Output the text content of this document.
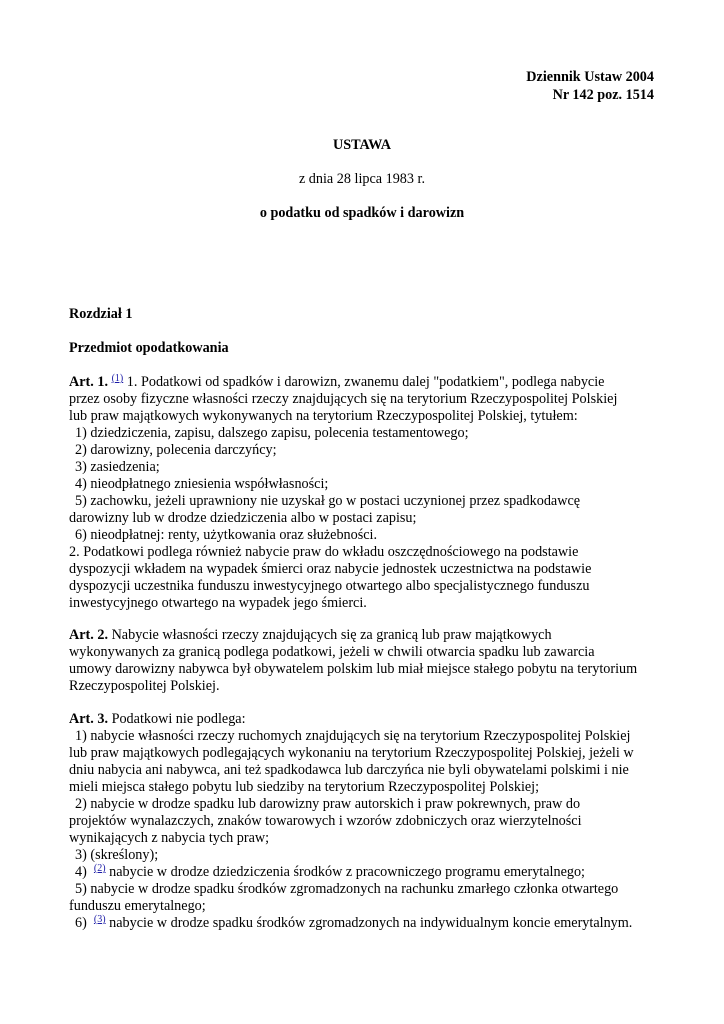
Dziennik Ustaw 2004
Nr 142 poz. 1514
USTAWA
z dnia 28 lipca 1983 r.
o podatku od spadków i darowizn
Rozdział 1
Przedmiot opodatkowania
Art. 1. $^{(1)}$ 1. Podatkowi od spadków i darowizn, zwanemu dalej "podatkiem", podlega nabycie
przez osoby fizyczne własności rzeczy znajdujących się na terytorium Rzeczypospolitej Polskiej
lub praw majątkowych wykonywanych na terytorium Rzeczypospolitej Polskiej, tytułem:
1) dziedziczenia, zapisu, dalszego zapisu, polecenia testamentowego;
2) darowizny, polecenia darczyńcy;
3) zasiedzenia;
4) nieodpłatnego zniesienia współwłasności;
5) zachowku, jeżeli uprawniony nie uzyskał go w postaci uczynionej przez spadkodawcę
darowizny lub w drodze dziedziczenia albo w postaci zapisu;
6) nieodpłatnej: renty, użytkowania oraz służebności.
2. Podatkowi podlega również nabycie praw do wkładu oszczędnościowego na podstawie
dyspozycji wkładem na wypadek śmierci oraz nabycie jednostek uczestnictwa na podstawie
dyspozycji uczestnika funduszu inwestycyjnego otwartego albo specjalistycznego funduszu
inwestycyjnego otwartego na wypadek jego śmierci.
Art. 2. Nabycie własności rzeczy znajdujących się za granicą lub praw majątkowych
wykonywanych za granicą podlega podatkowi, jeżeli w chwili otwarcia spadku lub zawarcia
umowy darowizny nabywca był obywatelem polskim lub miał miejsce stałego pobytu na terytorium
Rzeczypospolitej Polskiej.
Art. 3. Podatkowi nie podlega:
1) nabycie własności rzeczy ruchomych znajdujących się na terytorium Rzeczypospolitej Polskiej
lub praw majątkowych podlegających wykonaniu na terytorium Rzeczypospolitej Polskiej, jeżeli w
dniu nabycia ani nabywca, ani też spadkodawca lub darczyńca nie byli obywatelami polskimi i nie
mieli miejsca stałego pobytu lub siedziby na terytorium Rzeczypospolitej Polskiej;
2) nabycie w drodze spadku lub darowizny praw autorskich i praw pokrewnych, praw do
projektów wynalazczych, znaków towarowych i wzorów zdobniczych oraz wierzytelności
wynikających z nabycia tych praw;
3) (skreślony);
4) $^{(2)}$ nabycie w drodze dziedziczenia środków z pracowniczego programu emerytalnego;
5) nabycie w drodze spadku środków zgromadzonych na rachunku zmarłego członka otwartego
funduszu emerytalnego;
6) $^{(3)}$ nabycie w drodze spadku środków zgromadzonych na indywidualnym koncie emerytalnym.
